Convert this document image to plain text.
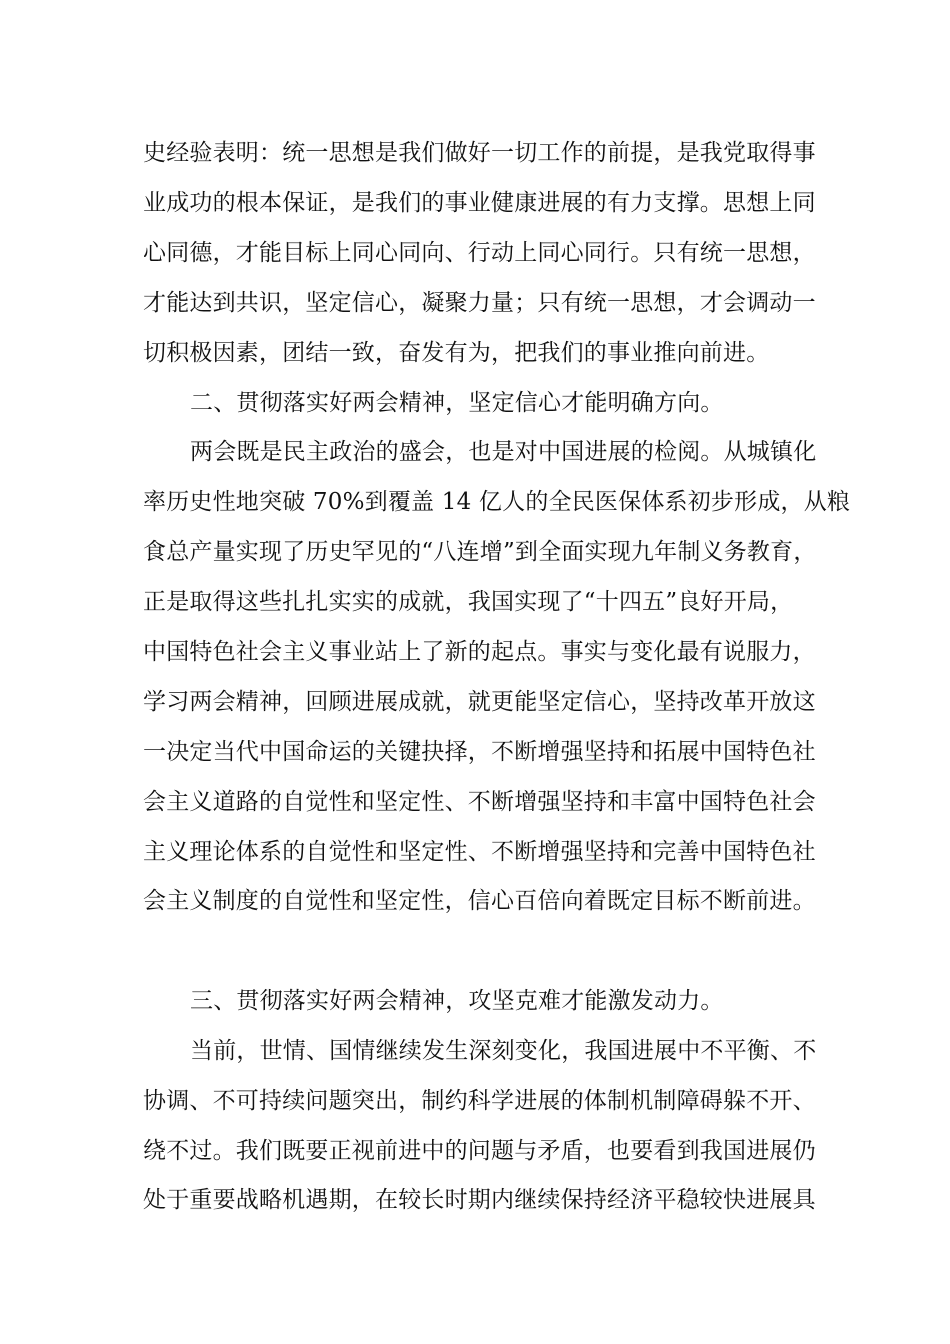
史经验表明：统一思想是我们做好一切工作的前提，是我党取得事
业成功的根本保证，是我们的事业健康进展的有力支撑。思想上同
心同德，才能目标上同心同向、行动上同心同行。只有统一思想，
才能达到共识，坚定信心，凝聚力量；只有统一思想，才会调动一
切积极因素，团结一致，奋发有为，把我们的事业推向前进。
二、贯彻落实好两会精神，坚定信心才能明确方向。
两会既是民主政治的盛会，也是对中国进展的检阅。从城镇化
率历史性地突破 70%到覆盖 14 亿人的全民医保体系初步形成，从粮
食总产量实现了历史罕见的“八连增”到全面实现九年制义务教育，
正是取得这些扎扎实实的成就，我国实现了“十四五”良好开局，
中国特色社会主义事业站上了新的起点。事实与变化最有说服力，
学习两会精神，回顾进展成就，就更能坚定信心，坚持改革开放这
一决定当代中国命运的关键抉择，不断增强坚持和拓展中国特色社
会主义道路的自觉性和坚定性、不断增强坚持和丰富中国特色社会
主义理论体系的自觉性和坚定性、不断增强坚持和完善中国特色社
会主义制度的自觉性和坚定性，信心百倍向着既定目标不断前进。
三、贯彻落实好两会精神，攻坚克难才能激发动力。
当前，世情、国情继续发生深刻变化，我国进展中不平衡、不
协调、不可持续问题突出，制约科学进展的体制机制障碍躲不开、
绕不过。我们既要正视前进中的问题与矛盾，也要看到我国进展仍
处于重要战略机遇期，在较长时期内继续保持经济平稳较快进展具
